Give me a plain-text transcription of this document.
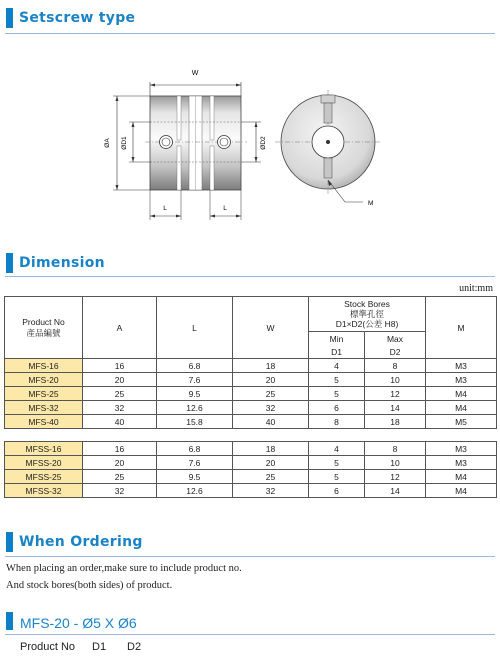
Setscrew type
W
ØA ØD1	ØD2
L	L
M
Dimension
unit:mm
Product No
產品編號	A	L	W	Stock Bores
標準孔徑
D1×D2(公差 H8)		M
				Min	Max	
				D1	D2	
MFS-16	16	6.8	18	4	8	M3
MFS-20	20	7.6	20	5	10	M3
MFS-25	25	9.5	25	5	12	M4
MFS-32	32	12.6	32	6	14	M4
MFS-40	40	15.8	40	8	18	M5
MFSS-16	16	6.8	18	4	8	M3
MFSS-20	20	7.6	20	5	10	M3
MFSS-25	25	9.5	25	5	12	M4
MFSS-32	32	12.6	32	6	14	M4
When Ordering
When placing an order,make sure to include product no.
And stock bores(both sides) of product.
MFS-20 - Ø5 X Ø6
Product No D1 D2
